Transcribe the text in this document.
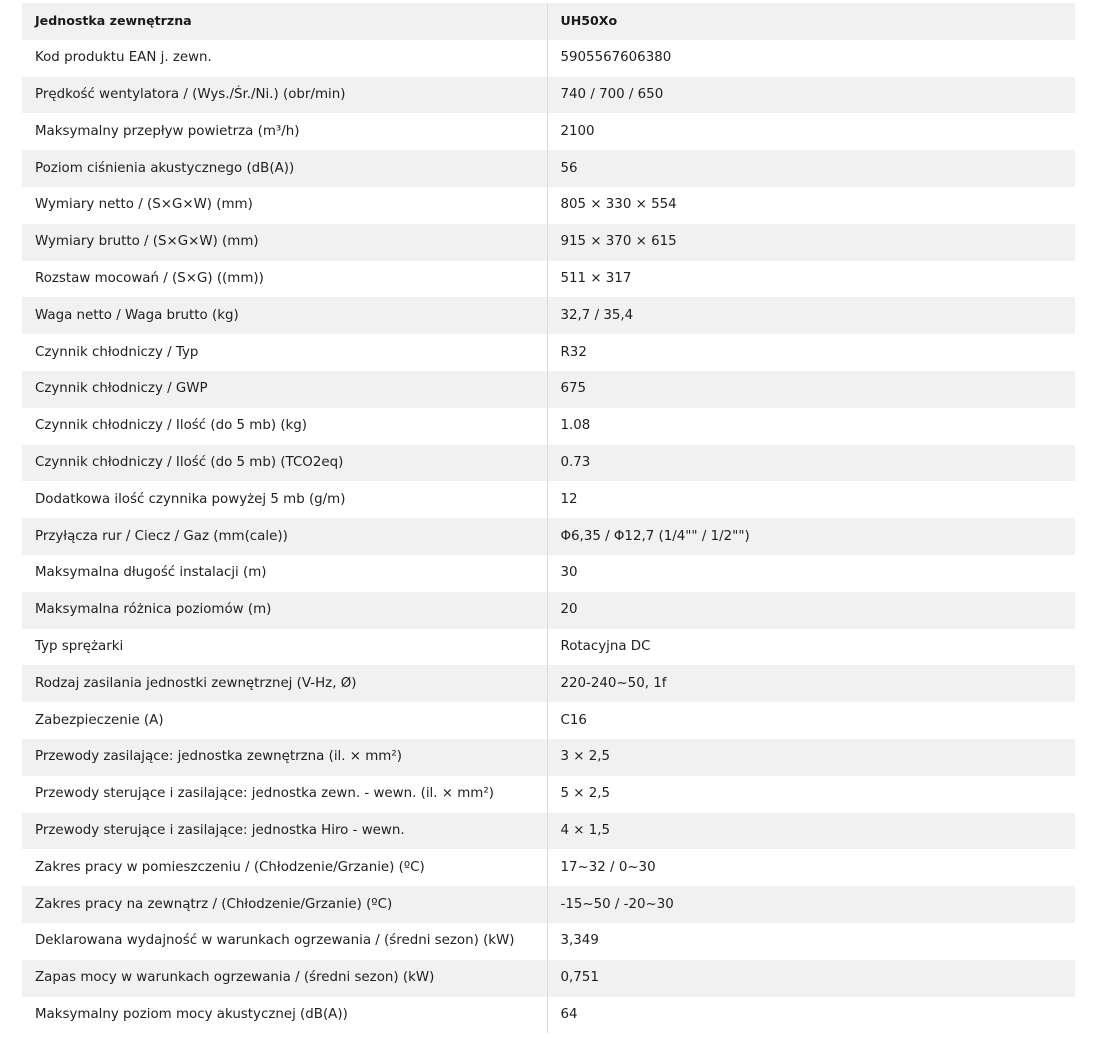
Jednostka zewnętrzna	UH50Xo
Kod produktu EAN j. zewn.	5905567606380
Prędkość wentylatora / (Wys./Śr./Ni.) (obr/min)	740 / 700 / 650
Maksymalny przepływ powietrza (m³/h)	2100
Poziom ciśnienia akustycznego (dB(A))	56
Wymiary netto / (S×G×W) (mm)	805 × 330 × 554
Wymiary brutto / (S×G×W) (mm)	915 × 370 × 615
Rozstaw mocowań / (S×G) ((mm))	511 × 317
Waga netto / Waga brutto (kg)	32,7 / 35,4
Czynnik chłodniczy / Typ	R32
Czynnik chłodniczy / GWP	675
Czynnik chłodniczy / Ilość (do 5 mb) (kg)	1.08
Czynnik chłodniczy / Ilość (do 5 mb) (TCO2eq)	0.73
Dodatkowa ilość czynnika powyżej 5 mb (g/m)	12
Przyłącza rur / Ciecz / Gaz (mm(cale))	Φ6,35 / Φ12,7 (1/4"" / 1/2"")
Maksymalna długość instalacji (m)	30
Maksymalna różnica poziomów (m)	20
Typ sprężarki	Rotacyjna DC
Rodzaj zasilania jednostki zewnętrznej (V-Hz, Ø)	220-240~50, 1f
Zabezpieczenie (A)	C16
Przewody zasilające: jednostka zewnętrzna (il. × mm²)	3 × 2,5
Przewody sterujące i zasilające: jednostka zewn. - wewn. (il. × mm²)	5 × 2,5
Przewody sterujące i zasilające: jednostka Hiro - wewn.	4 × 1,5
Zakres pracy w pomieszczeniu / (Chłodzenie/Grzanie) (ºC)	17~32 / 0~30
Zakres pracy na zewnątrz / (Chłodzenie/Grzanie) (ºC)	-15~50 / -20~30
Deklarowana wydajność w warunkach ogrzewania / (średni sezon) (kW)	3,349
Zapas mocy w warunkach ogrzewania / (średni sezon) (kW)	0,751
Maksymalny poziom mocy akustycznej (dB(A))	64
